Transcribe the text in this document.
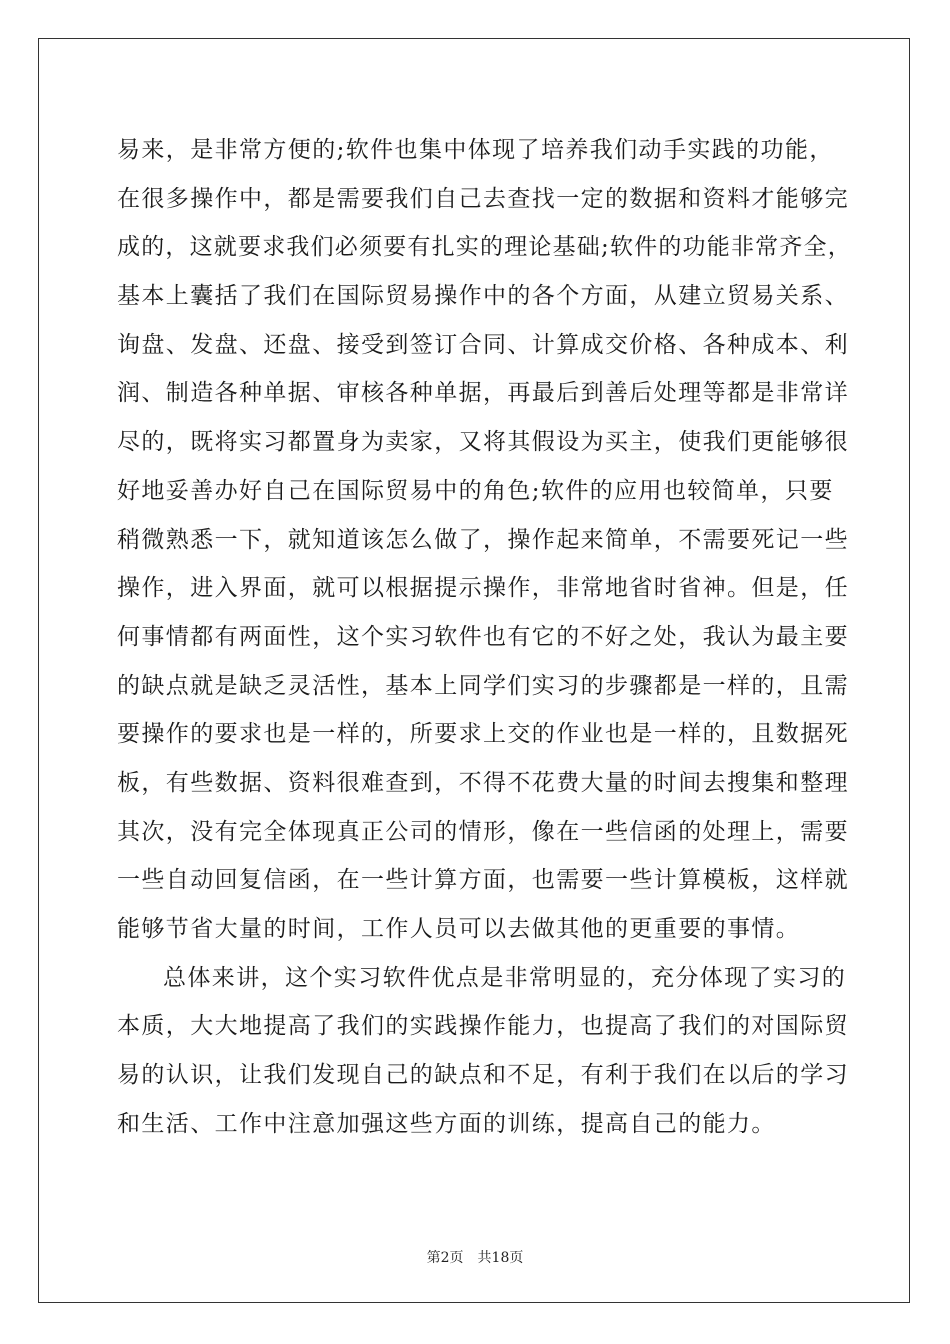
易来，是非常方便的;软件也集中体现了培养我们动手实践的功能，
在很多操作中，都是需要我们自己去查找一定的数据和资料才能够完
成的，这就要求我们必须要有扎实的理论基础;软件的功能非常齐全，
基本上囊括了我们在国际贸易操作中的各个方面，从建立贸易关系、
询盘、发盘、还盘、接受到签订合同、计算成交价格、各种成本、利
润、制造各种单据、审核各种单据，再最后到善后处理等都是非常详
尽的，既将实习都置身为卖家，又将其假设为买主，使我们更能够很
好地妥善办好自己在国际贸易中的角色;软件的应用也较简单，只要
稍微熟悉一下，就知道该怎么做了，操作起来简单，不需要死记一些
操作，进入界面，就可以根据提示操作，非常地省时省神。但是，任
何事情都有两面性，这个实习软件也有它的不好之处，我认为最主要
的缺点就是缺乏灵活性，基本上同学们实习的步骤都是一样的，且需
要操作的要求也是一样的，所要求上交的作业也是一样的，且数据死
板，有些数据、资料很难查到，不得不花费大量的时间去搜集和整理
其次，没有完全体现真正公司的情形，像在一些信函的处理上，需要
一些自动回复信函，在一些计算方面，也需要一些计算模板，这样就
能够节省大量的时间，工作人员可以去做其他的更重要的事情。
总体来讲，这个实习软件优点是非常明显的，充分体现了实习的
本质，大大地提高了我们的实践操作能力，也提高了我们的对国际贸
易的认识，让我们发现自己的缺点和不足，有利于我们在以后的学习
和生活、工作中注意加强这些方面的训练，提高自己的能力。
第2页　共18页
